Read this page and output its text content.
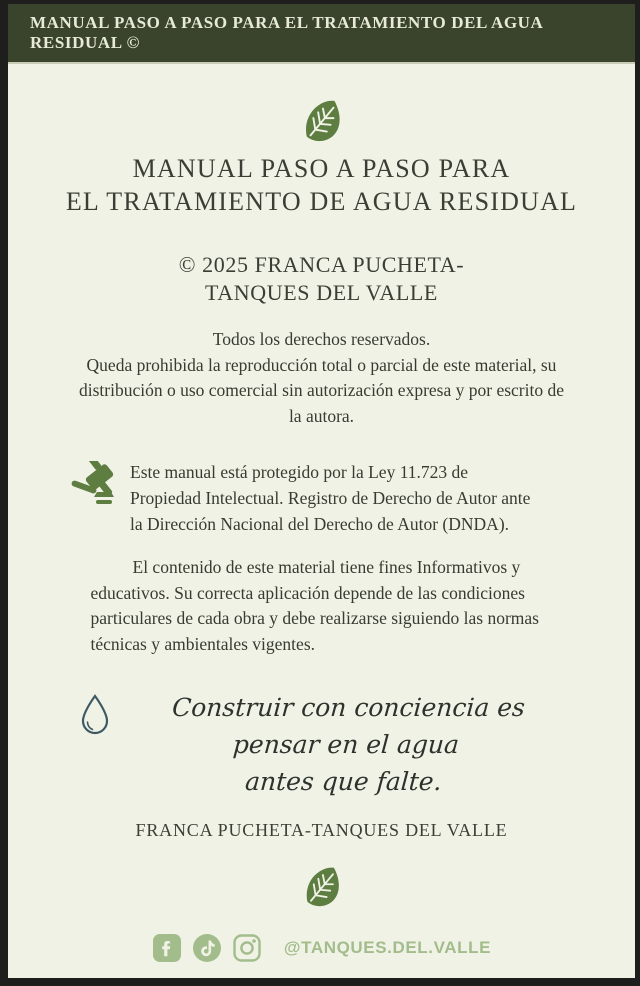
MANUAL PASO A PASO PARA EL TRATAMIENTO DEL AGUA RESIDUAL ©
MANUAL PASO A PASO PARA
EL TRATAMIENTO DE AGUA RESIDUAL
© 2025 FRANCA PUCHETA-
TANQUES DEL VALLE
Todos los derechos reservados.
Queda prohibida la reproducción total o parcial de este material, su distribución o uso comercial sin autorización expresa y por escrito de la autora.
Este manual está protegido por la Ley 11.723 de Propiedad Intelectual. Registro de Derecho de Autor ante la Dirección Nacional del Derecho de Autor (DNDA).
El contenido de este material tiene fines Informativos y educativos. Su correcta aplicación depende de las condiciones particulares de cada obra y debe realizarse siguiendo las normas técnicas y ambientales vigentes.
Construir con conciencia es pensar en el agua
antes que falte.
FRANCA PUCHETA-TANQUES DEL VALLE
@TANQUES.DEL.VALLE
